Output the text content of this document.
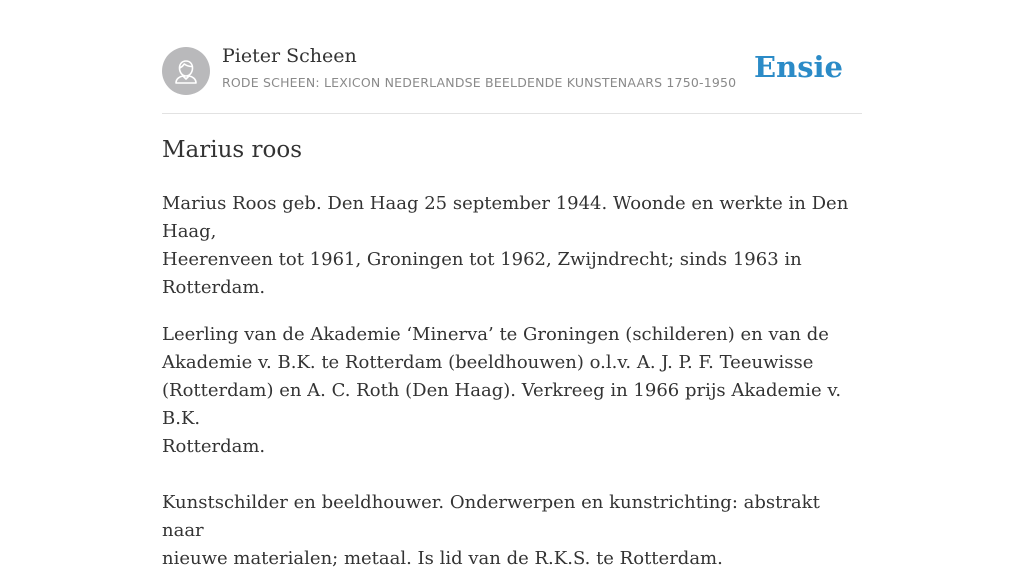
Pieter Scheen
RODE SCHEEN: LEXICON NEDERLANDSE BEELDENDE KUNSTENAARS 1750-1950 Ensie
Marius roos

Marius Roos geb. Den Haag 25 september 1944. Woonde en werkte in Den Haag,
Heerenveen tot 1961, Groningen tot 1962, Zwijndrecht; sinds 1963 in Rotterdam.

Leerling van de Akademie ‘Minerva’ te Groningen (schilderen) en van de
Akademie v. B.K. te Rotterdam (beeldhouwen) o.l.v. A. J. P. F. Teeuwisse
(Rotterdam) en A. C. Roth (Den Haag). Verkreeg in 1966 prijs Akademie v. B.K.
Rotterdam.

Kunstschilder en beeldhouwer. Onderwerpen en kunstrichting: abstrakt naar
nieuwe materialen; metaal. Is lid van de R.K.S. te Rotterdam.
